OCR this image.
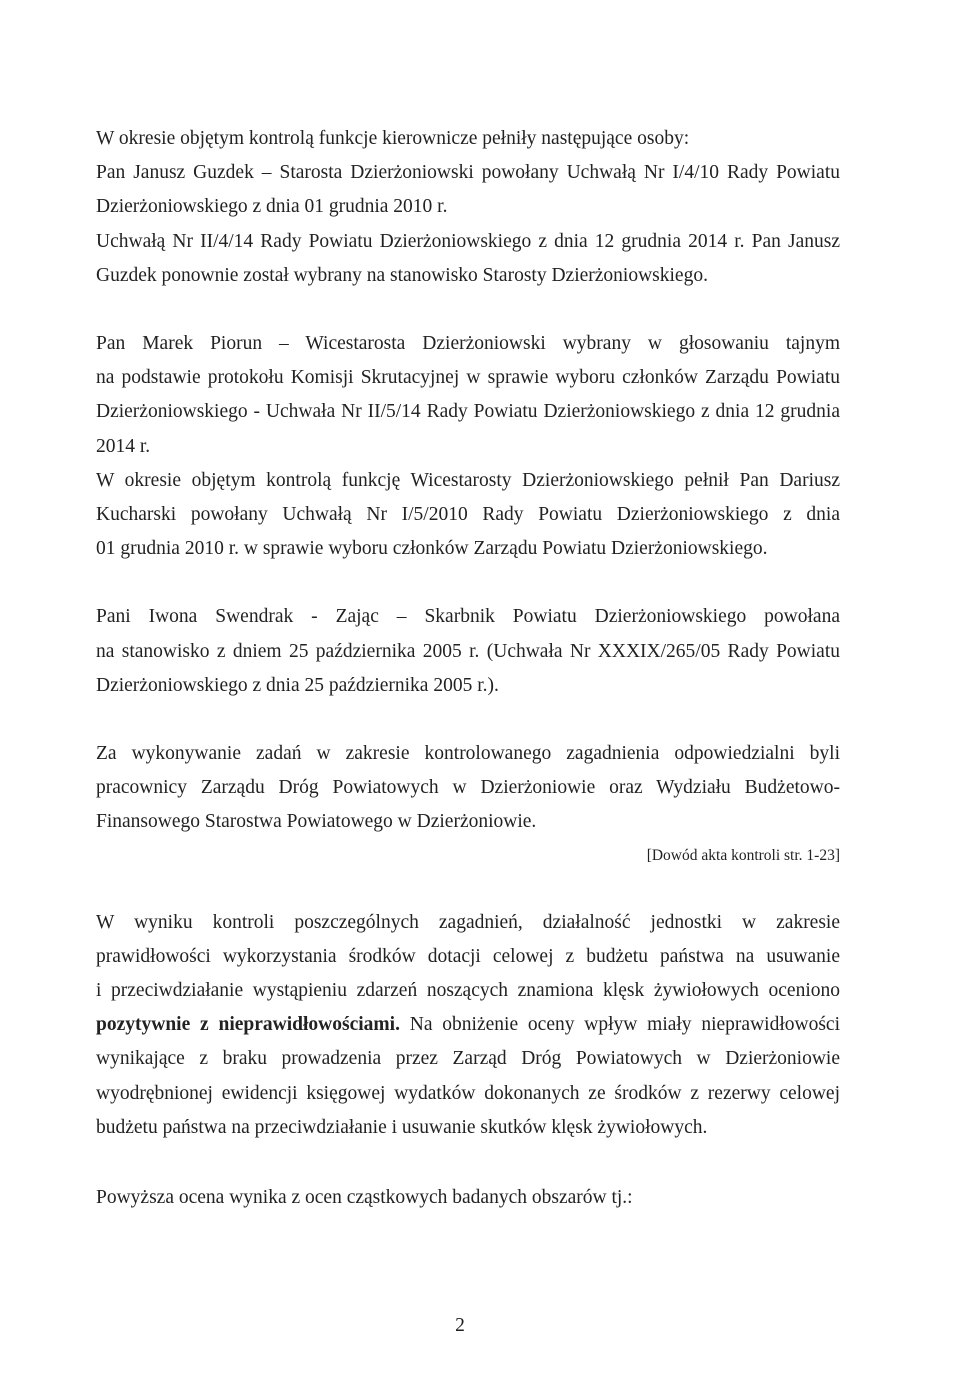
W okresie objętym kontrolą funkcje kierownicze pełniły następujące osoby:
Pan Janusz Guzdek – Starosta Dzierżoniowski powołany Uchwałą Nr I/4/10 Rady Powiatu
Dzierżoniowskiego z dnia 01 grudnia 2010 r.
Uchwałą Nr II/4/14 Rady Powiatu Dzierżoniowskiego z dnia 12 grudnia 2014 r. Pan Janusz
Guzdek ponownie został wybrany na stanowisko Starosty Dzierżoniowskiego.
Pan Marek Piorun – Wicestarosta Dzierżoniowski wybrany w głosowaniu tajnym
na podstawie protokołu Komisji Skrutacyjnej w sprawie wyboru członków Zarządu Powiatu
Dzierżoniowskiego - Uchwała Nr II/5/14 Rady Powiatu Dzierżoniowskiego z dnia 12 grudnia
2014 r.
W okresie objętym kontrolą funkcję Wicestarosty Dzierżoniowskiego pełnił Pan Dariusz
Kucharski powołany Uchwałą Nr I/5/2010 Rady Powiatu Dzierżoniowskiego z dnia
01 grudnia 2010 r. w sprawie wyboru członków Zarządu Powiatu Dzierżoniowskiego.
Pani Iwona Swendrak - Zając – Skarbnik Powiatu Dzierżoniowskiego powołana
na stanowisko z dniem 25 października 2005 r. (Uchwała Nr XXXIX/265/05 Rady Powiatu
Dzierżoniowskiego z dnia 25 października 2005 r.).
Za wykonywanie zadań w zakresie kontrolowanego zagadnienia odpowiedzialni byli
pracownicy Zarządu Dróg Powiatowych w Dzierżoniowie oraz Wydziału Budżetowo-
Finansowego Starostwa Powiatowego w Dzierżoniowie.
[Dowód akta kontroli str. 1-23]
W wyniku kontroli poszczególnych zagadnień, działalność jednostki w zakresie
prawidłowości wykorzystania środków dotacji celowej z budżetu państwa na usuwanie
i przeciwdziałanie wystąpieniu zdarzeń noszących znamiona klęsk żywiołowych oceniono
pozytywnie z nieprawidłowościami. Na obniżenie oceny wpływ miały nieprawidłowości
wynikające z braku prowadzenia przez Zarząd Dróg Powiatowych w Dzierżoniowie
wyodrębnionej ewidencji księgowej wydatków dokonanych ze środków z rezerwy celowej
budżetu państwa na przeciwdziałanie i usuwanie skutków klęsk żywiołowych.
Powyższa ocena wynika z ocen cząstkowych badanych obszarów tj.:
2
